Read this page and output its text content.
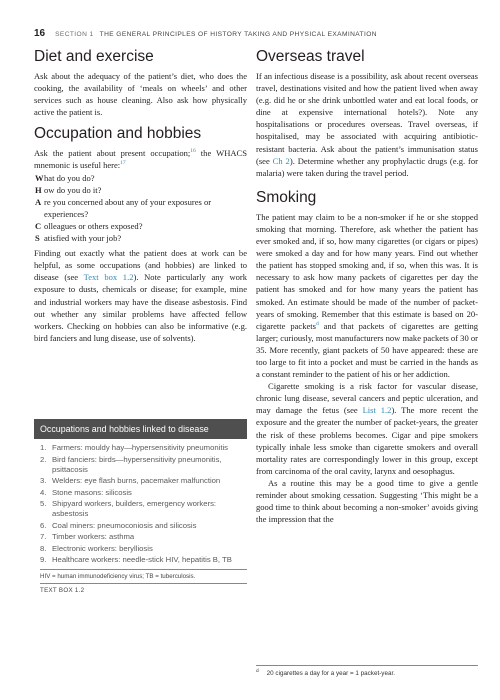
16 SECTION 1 THE GENERAL PRINCIPLES OF HISTORY TAKING AND PHYSICAL EXAMINATION
Diet and exercise

Ask about the adequacy of the patient’s diet, who does the cooking, the availability of ‘meals on wheels’ and other services such as house cleaning. Also ask how physically active the patient is.

Occupation and hobbies

Ask the patient about present occupation;$^{16}$ the WHACS mnemonic is useful here:$^{17}$

W hat do you do?
H ow do you do it?
A re you concerned about any of your exposures or experiences?
C olleagues or others exposed?
S atisfied with your job?

Finding out exactly what the patient does at work can be helpful, as some occupations (and hobbies) are linked to disease (see Text box 1.2). Note particularly any work exposure to dusts, chemicals or disease; for example, mine and industrial workers may have the disease asbestosis. Find out whether any similar problems have affected fellow workers. Checking on hobbies can also be informative (e.g. bird fanciers and lung disease, use of solvents).

Occupations and hobbies linked to disease
1. Farmers: mouldy hay—hypersensitivity pneumonitis
2. Bird fanciers: birds—hypersensitivity pneumonitis, psittacosis
3. Welders: eye flash burns, pacemaker malfunction
4. Stone masons: silicosis
5. Shipyard workers, builders, emergency workers: asbestosis
6. Coal miners: pneumoconiosis and silicosis
7. Timber workers: asthma
8. Electronic workers: berylliosis
9. Healthcare workers: needle-stick HIV, hepatitis B, TB
HIV = human immunodeficiency virus; TB = tuberculosis.
TEXT BOX 1.2
Overseas travel

If an infectious disease is a possibility, ask about recent overseas travel, destinations visited and how the patient lived when away (e.g. did he or she drink unbottled water and eat local foods, or dine at expensive international hotels?). Note any hospitalisations or procedures overseas. Travel overseas, if hospitalised, may be associated with acquiring antibiotic-resistant bacteria. Ask about the patient’s immunisation status (see Ch 2). Determine whether any prophylactic drugs (e.g. for malaria) were taken during the travel period.

Smoking

The patient may claim to be a non-smoker if he or she stopped smoking that morning. Therefore, ask whether the patient has ever smoked and, if so, how many cigarettes (or cigars or pipes) were smoked a day and for how many years. Find out whether the patient has stopped smoking and, if so, when this was. It is necessary to ask how many packets of cigarettes per day the patient has smoked and for how many years the patient has smoked. An estimate should be made of the number of packet-years of smoking. Remember that this estimate is based on 20-cigarette packets$^d$ and that packets of cigarettes are getting larger; curiously, most manufacturers now make packets of 30 or 35. More recently, giant packets of 50 have appeared: these are too large to fit into a pocket and must be carried in the hands as a constant reminder to the patient of his or her addiction.

Cigarette smoking is a risk factor for vascular disease, chronic lung disease, several cancers and peptic ulceration, and may damage the fetus (see List 1.2). The more recent the exposure and the greater the number of packet-years, the greater the risk of these problems becomes. Cigar and pipe smokers typically inhale less smoke than cigarette smokers and overall mortality rates are correspondingly lower in this group, except from carcinoma of the oral cavity, larynx and oesophagus.

As a routine this may be a good time to give a gentle reminder about smoking cessation. Suggesting ‘This might be a good time to think about becoming a non-smoker’ avoids giving the impression that the

$^d$ 20 cigarettes a day for a year = 1 packet-year.
